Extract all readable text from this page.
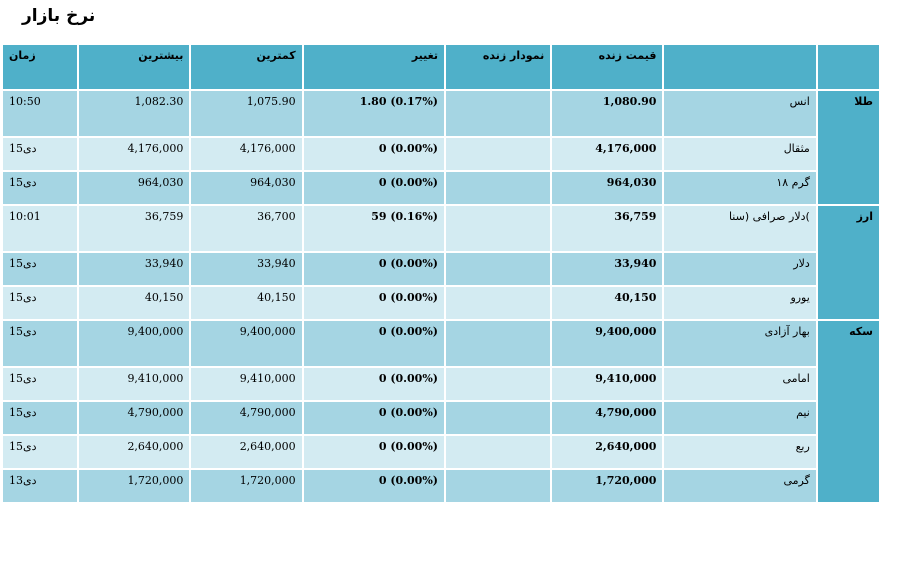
نرخ بازار
زمان	بیشترین	کمترین	تغییر	نمودار زنده	قیمت زنده		
10:50	1,082.30	1,075.90	1.80 (0.17%)		1,080.90	انس	طلا
15دی	4,176,000	4,176,000	0 (0.00%)		4,176,000	مثقال	
15دی	964,030	964,030	0 (0.00%)		964,030	گرم ۱۸	
10:01	36,759	36,700	59 (0.16%)		36,759	دلار صرافی (سنا(	ارز
15دی	33,940	33,940	0 (0.00%)		33,940	دلار	
15دی	40,150	40,150	0 (0.00%)		40,150	یورو	
15دی	9,400,000	9,400,000	0 (0.00%)		9,400,000	بهار آزادی	سکه
15دی	9,410,000	9,410,000	0 (0.00%)		9,410,000	امامی	
15دی	4,790,000	4,790,000	0 (0.00%)		4,790,000	نیم	
15دی	2,640,000	2,640,000	0 (0.00%)		2,640,000	ربع	
13دی	1,720,000	1,720,000	0 (0.00%)		1,720,000	گرمی	
